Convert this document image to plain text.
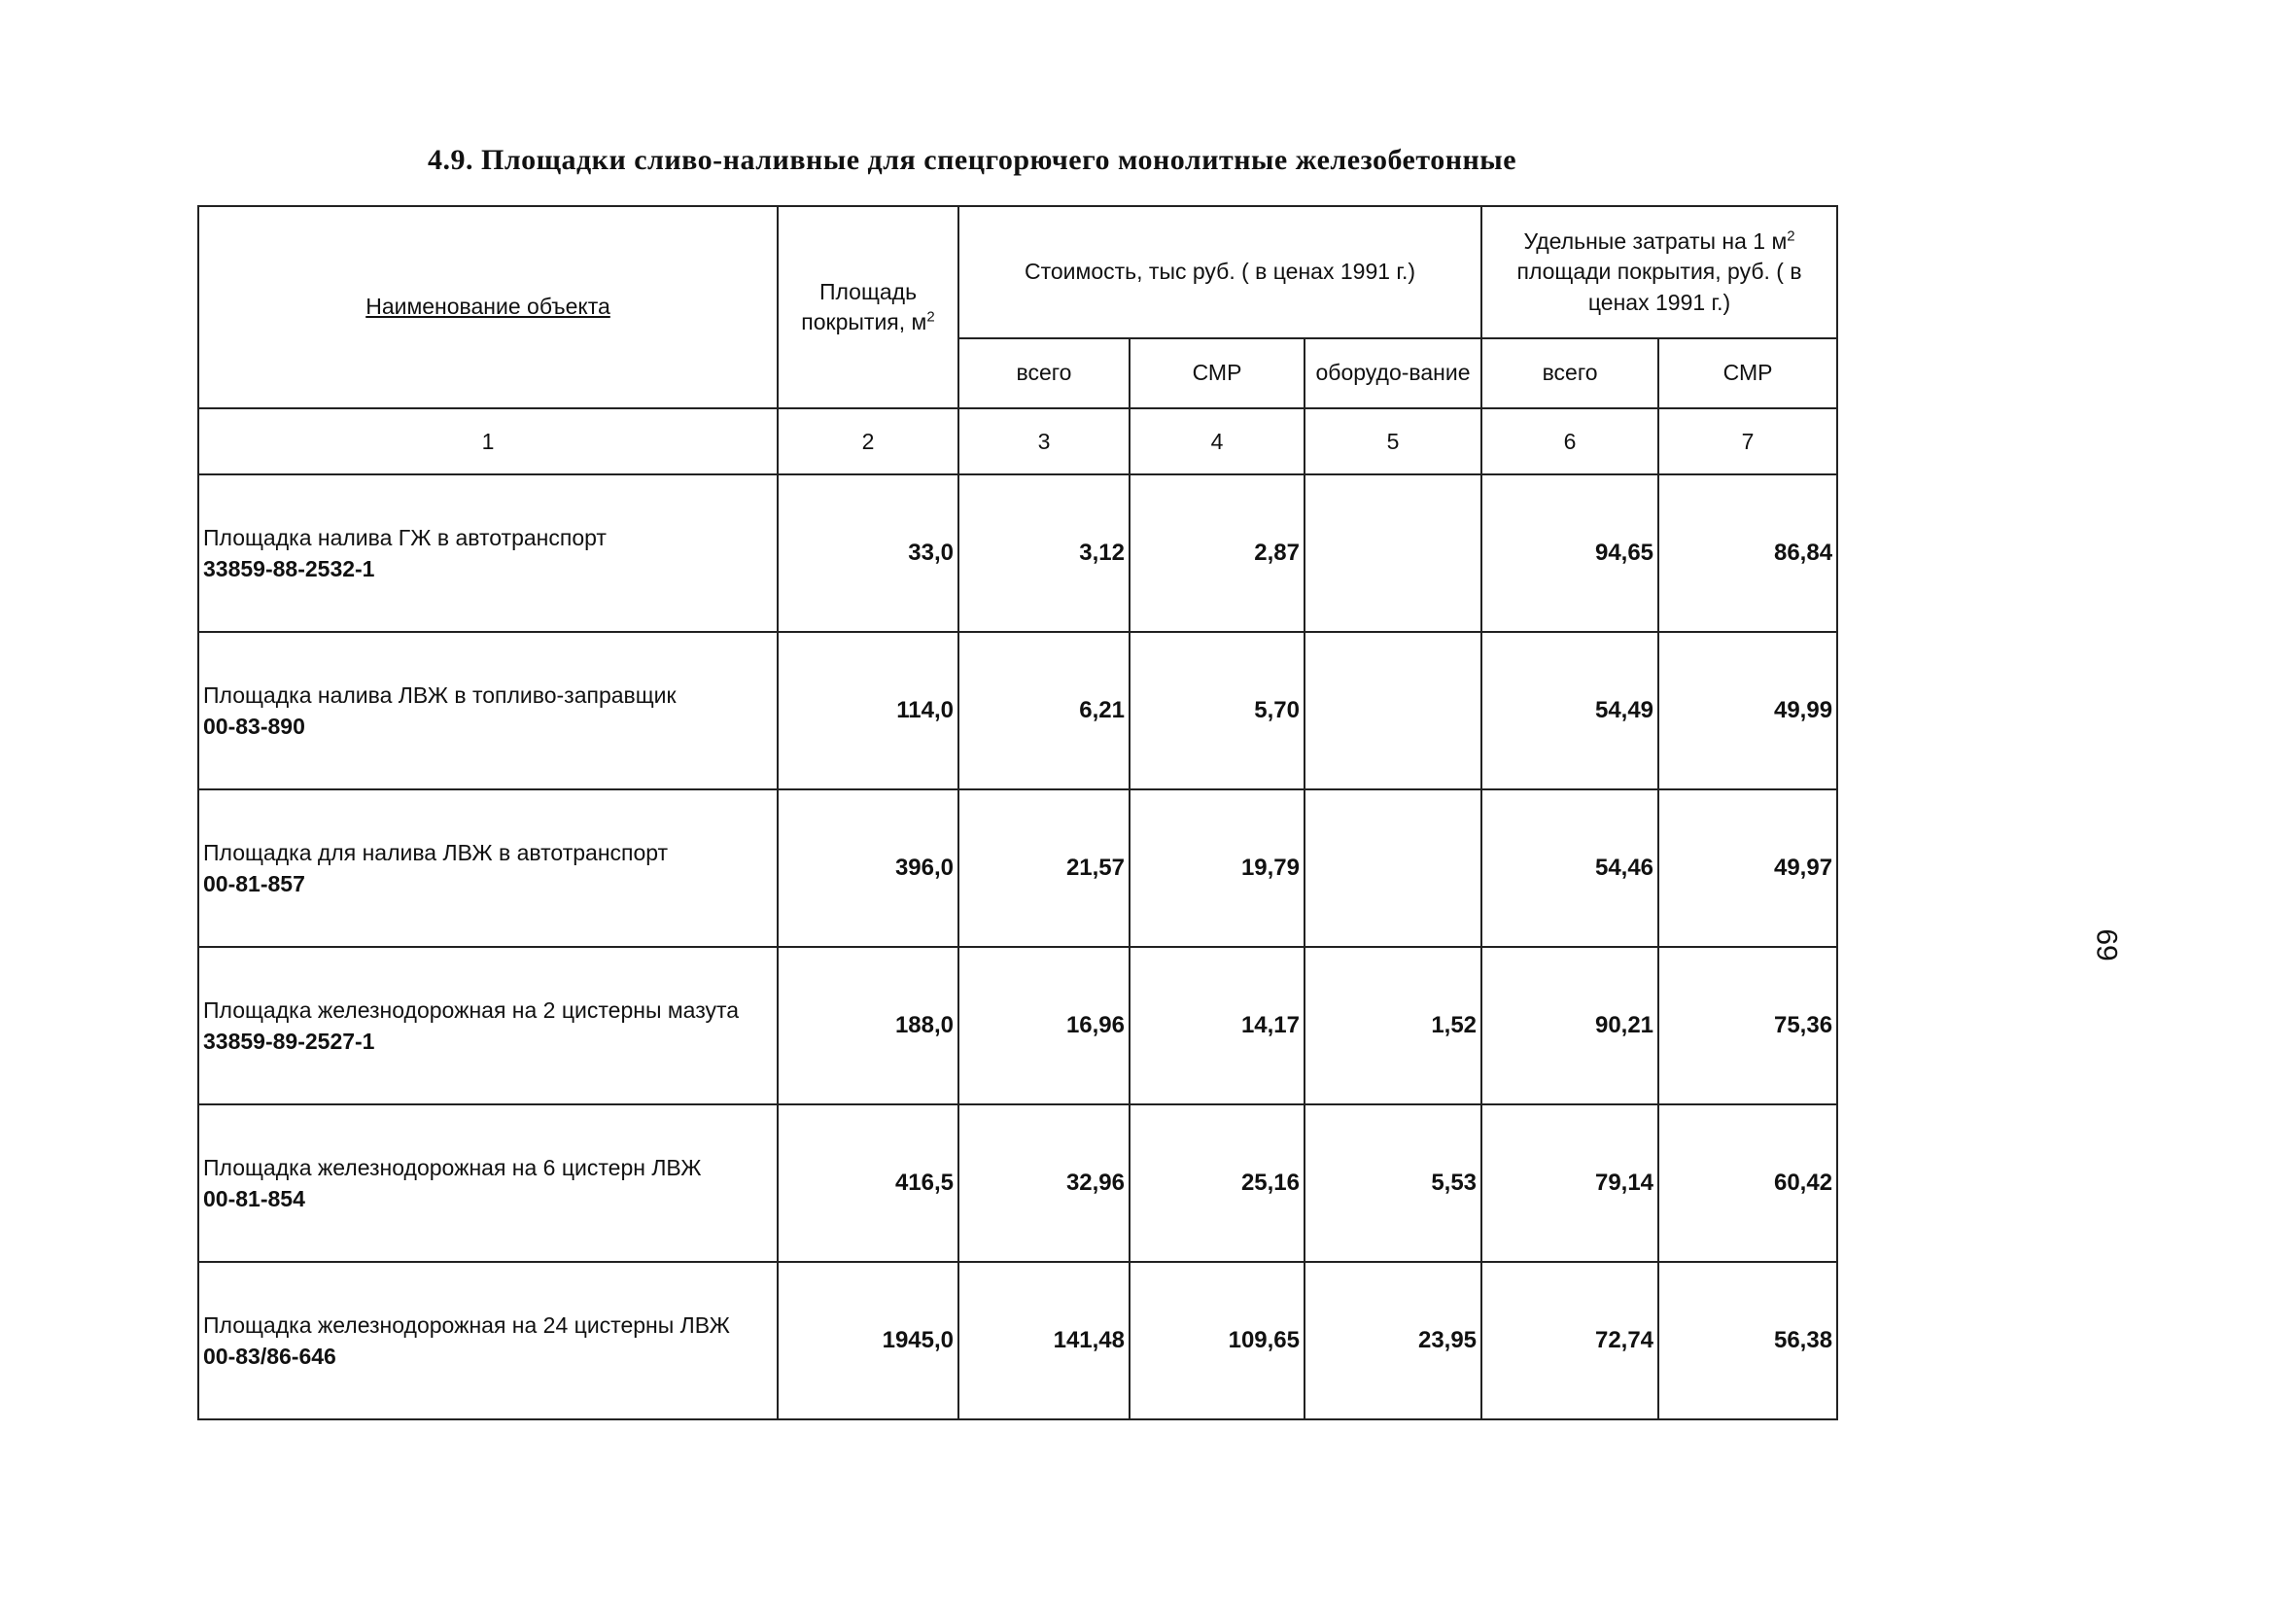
4.9. Площадки сливо-наливные для спецгорючего монолитные железобетонные
Наименование объекта	Площадь покрытия, $м^2$	Стоимость, тыс руб. ( в ценах 1991 г.)			Удельные затраты на 1 $м^2$ площади покрытия, руб. ( в ценах 1991 г.)	
		всего	СМР	оборудо-вание	всего	СМР
1	2	3	4	5	6	7
Площадка налива ГЖ в автотранспорт
33859-88-2532-1	33,0	3,12	2,87		94,65	86,84
Площадка налива ЛВЖ в топливо-заправщик
00-83-890	114,0	6,21	5,70		54,49	49,99
Площадка для налива ЛВЖ в автотранспорт
00-81-857	396,0	21,57	19,79		54,46	49,97
Площадка железнодорожная на 2 цистерны мазута
33859-89-2527-1	188,0	16,96	14,17	1,52	90,21	75,36
Площадка железнодорожная на 6 цистерн ЛВЖ
00-81-854	416,5	32,96	25,16	5,53	79,14	60,42
Площадка железнодорожная на 24 цистерны ЛВЖ
00-83/86-646	1945,0	141,48	109,65	23,95	72,74	56,38
69
